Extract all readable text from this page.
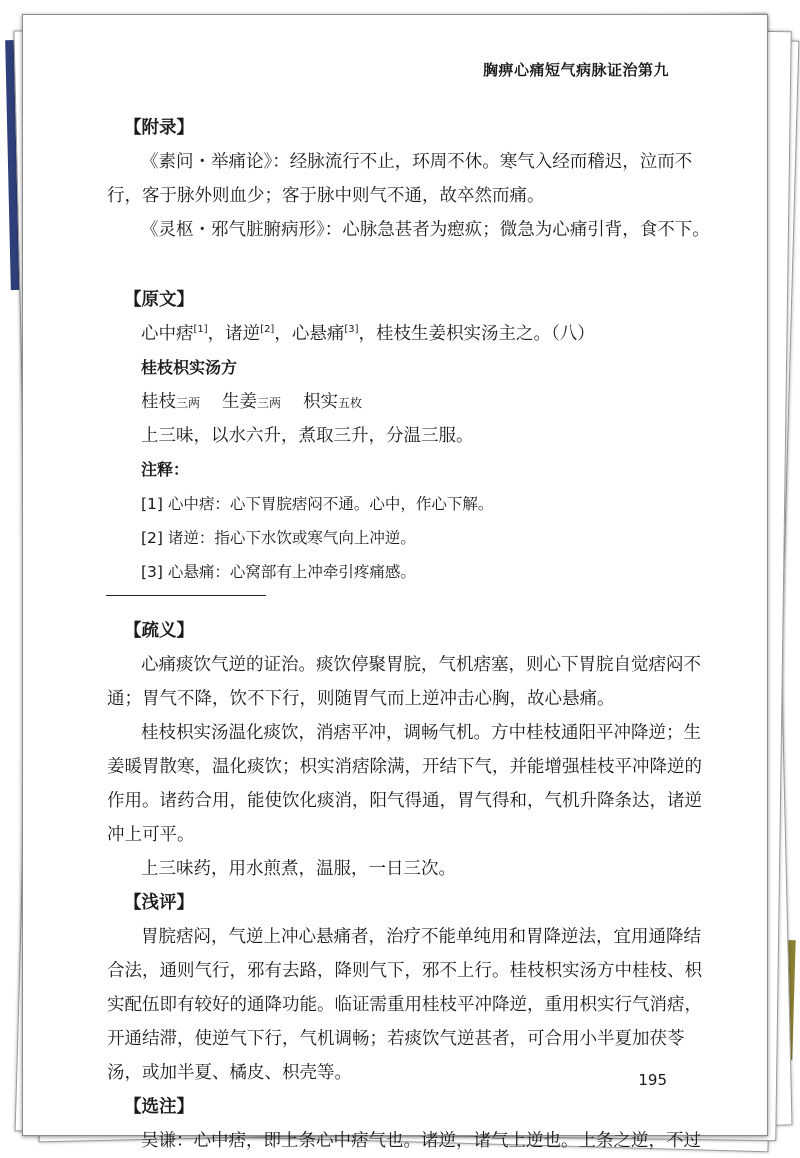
胸痹心痛短气病脉证治第九
【附录】
《素问・举痛论》：经脉流行不止，环周不休。寒气入经而稽迟，泣而不
行，客于脉外则血少；客于脉中则气不通，故卒然而痛。
《灵枢・邪气脏腑病形》：心脉急甚者为瘛疭；微急为心痛引背，食不下。
【原文】
心中痞[1]，诸逆[2]，心悬痛[3]，桂枝生姜枳实汤主之。（八）
桂枝枳实汤方
桂枝三两 生姜三两 枳实五枚
上三味，以水六升，煮取三升，分温三服。
注释：
[1] 心中痞：心下胃脘痞闷不通。心中，作心下解。
[2] 诸逆：指心下水饮或寒气向上冲逆。
[3] 心悬痛：心窝部有上冲牵引疼痛感。
【疏义】
心痛痰饮气逆的证治。痰饮停聚胃脘，气机痞塞，则心下胃脘自觉痞闷不
通；胃气不降，饮不下行，则随胃气而上逆冲击心胸，故心悬痛。
桂枝枳实汤温化痰饮，消痞平冲，调畅气机。方中桂枝通阳平冲降逆；生
姜暖胃散寒，温化痰饮；枳实消痞除满，开结下气，并能增强桂枝平冲降逆的
作用。诸药合用，能使饮化痰消，阳气得通，胃气得和，气机升降条达，诸逆
冲上可平。
上三味药，用水煎煮，温服，一日三次。
【浅评】
胃脘痞闷，气逆上冲心悬痛者，治疗不能单纯用和胃降逆法，宜用通降结
合法，通则气行，邪有去路，降则气下，邪不上行。桂枝枳实汤方中桂枝、枳
实配伍即有较好的通降功能。临证需重用桂枝平冲降逆，重用枳实行气消痞，
开通结滞，使逆气下行，气机调畅；若痰饮气逆甚者，可合用小半夏加茯苓
汤，或加半夏、橘皮、枳壳等。
【选注】
吴谦：心中痞，即上条心中痞气也。诸逆，诸气上逆也。上条之逆，不过
195
